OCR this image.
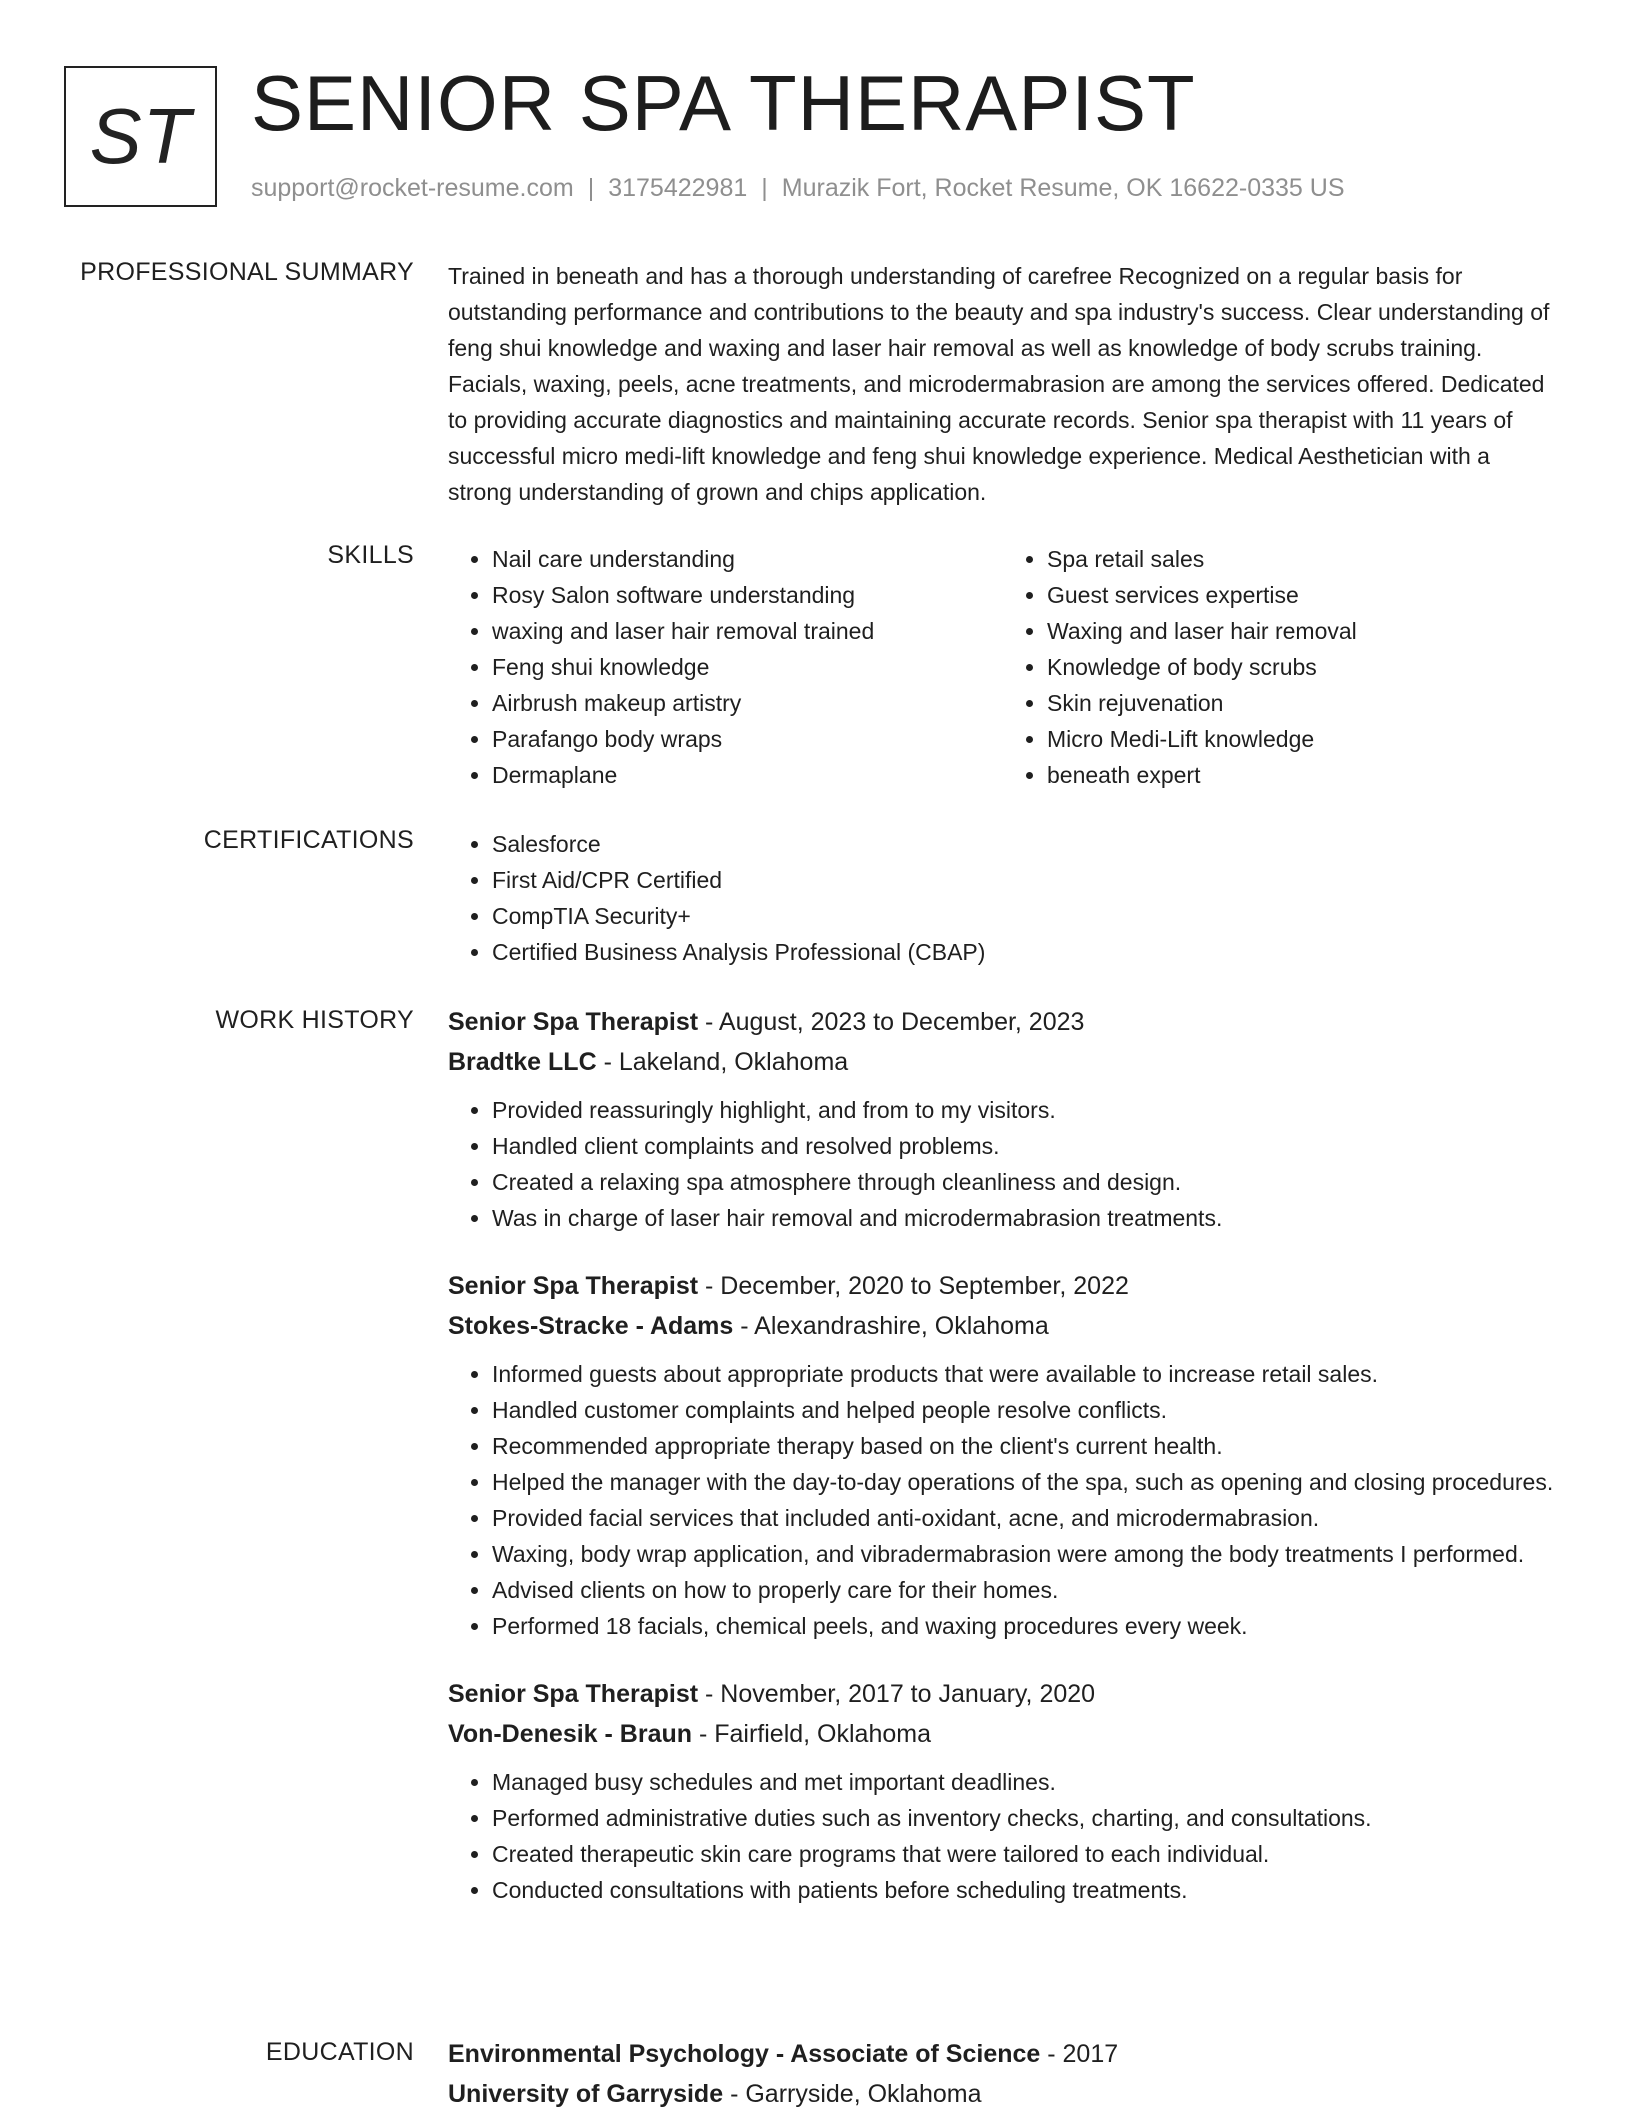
ST SENIOR SPA THERAPIST
support@rocket-resume.com | 3175422981 | Murazik Fort, Rocket Resume, OK 16622-0335 US
PROFESSIONAL SUMMARY Trained in beneath and has a thorough understanding of carefree Recognized on a regular basis for outstanding performance and contributions to the beauty and spa industry's success. Clear understanding of feng shui knowledge and waxing and laser hair removal as well as knowledge of body scrubs training. Facials, waxing, peels, acne treatments, and microdermabrasion are among the services offered. Dedicated to providing accurate diagnostics and maintaining accurate records. Senior spa therapist with 11 years of successful micro medi-lift knowledge and feng shui knowledge experience. Medical Aesthetician with a strong understanding of grown and chips application.

SKILLS	• Nail care understanding
• Rosy Salon software understanding
• waxing and laser hair removal trained
• Feng shui knowledge
• Airbrush makeup artistry
• Parafango body wraps
• Dermaplane
• Spa retail sales
• Guest services expertise
• Waxing and laser hair removal
• Knowledge of body scrubs
• Skin rejuvenation
• Micro Medi-Lift knowledge
• beneath expert
CERTIFICATIONS	• Salesforce
• First Aid/CPR Certified
• CompTIA Security+
• Certified Business Analysis Professional (CBAP)
WORK HISTORY Senior Spa Therapist - August, 2023 to December, 2023
Bradtke LLC - Lakeland, Oklahoma
• Provided reassuringly highlight, and from to my visitors.
• Handled client complaints and resolved problems.
• Created a relaxing spa atmosphere through cleanliness and design.
• Was in charge of laser hair removal and microdermabrasion treatments.
Senior Spa Therapist - December, 2020 to September, 2022
Stokes-Stracke - Adams - Alexandrashire, Oklahoma
• Informed guests about appropriate products that were available to increase retail sales.
• Handled customer complaints and helped people resolve conflicts.
• Recommended appropriate therapy based on the client's current health.
• Helped the manager with the day-to-day operations of the spa, such as opening and closing procedures.
• Provided facial services that included anti-oxidant, acne, and microdermabrasion.
• Waxing, body wrap application, and vibradermabrasion were among the body treatments I performed.
• Advised clients on how to properly care for their homes.
• Performed 18 facials, chemical peels, and waxing procedures every week.
Senior Spa Therapist - November, 2017 to January, 2020
Von-Denesik - Braun - Fairfield, Oklahoma
• Managed busy schedules and met important deadlines.
• Performed administrative duties such as inventory checks, charting, and consultations.
• Created therapeutic skin care programs that were tailored to each individual.
• Conducted consultations with patients before scheduling treatments.
EDUCATION Environmental Psychology - Associate of Science - 2017
University of Garryside - Garryside, Oklahoma
